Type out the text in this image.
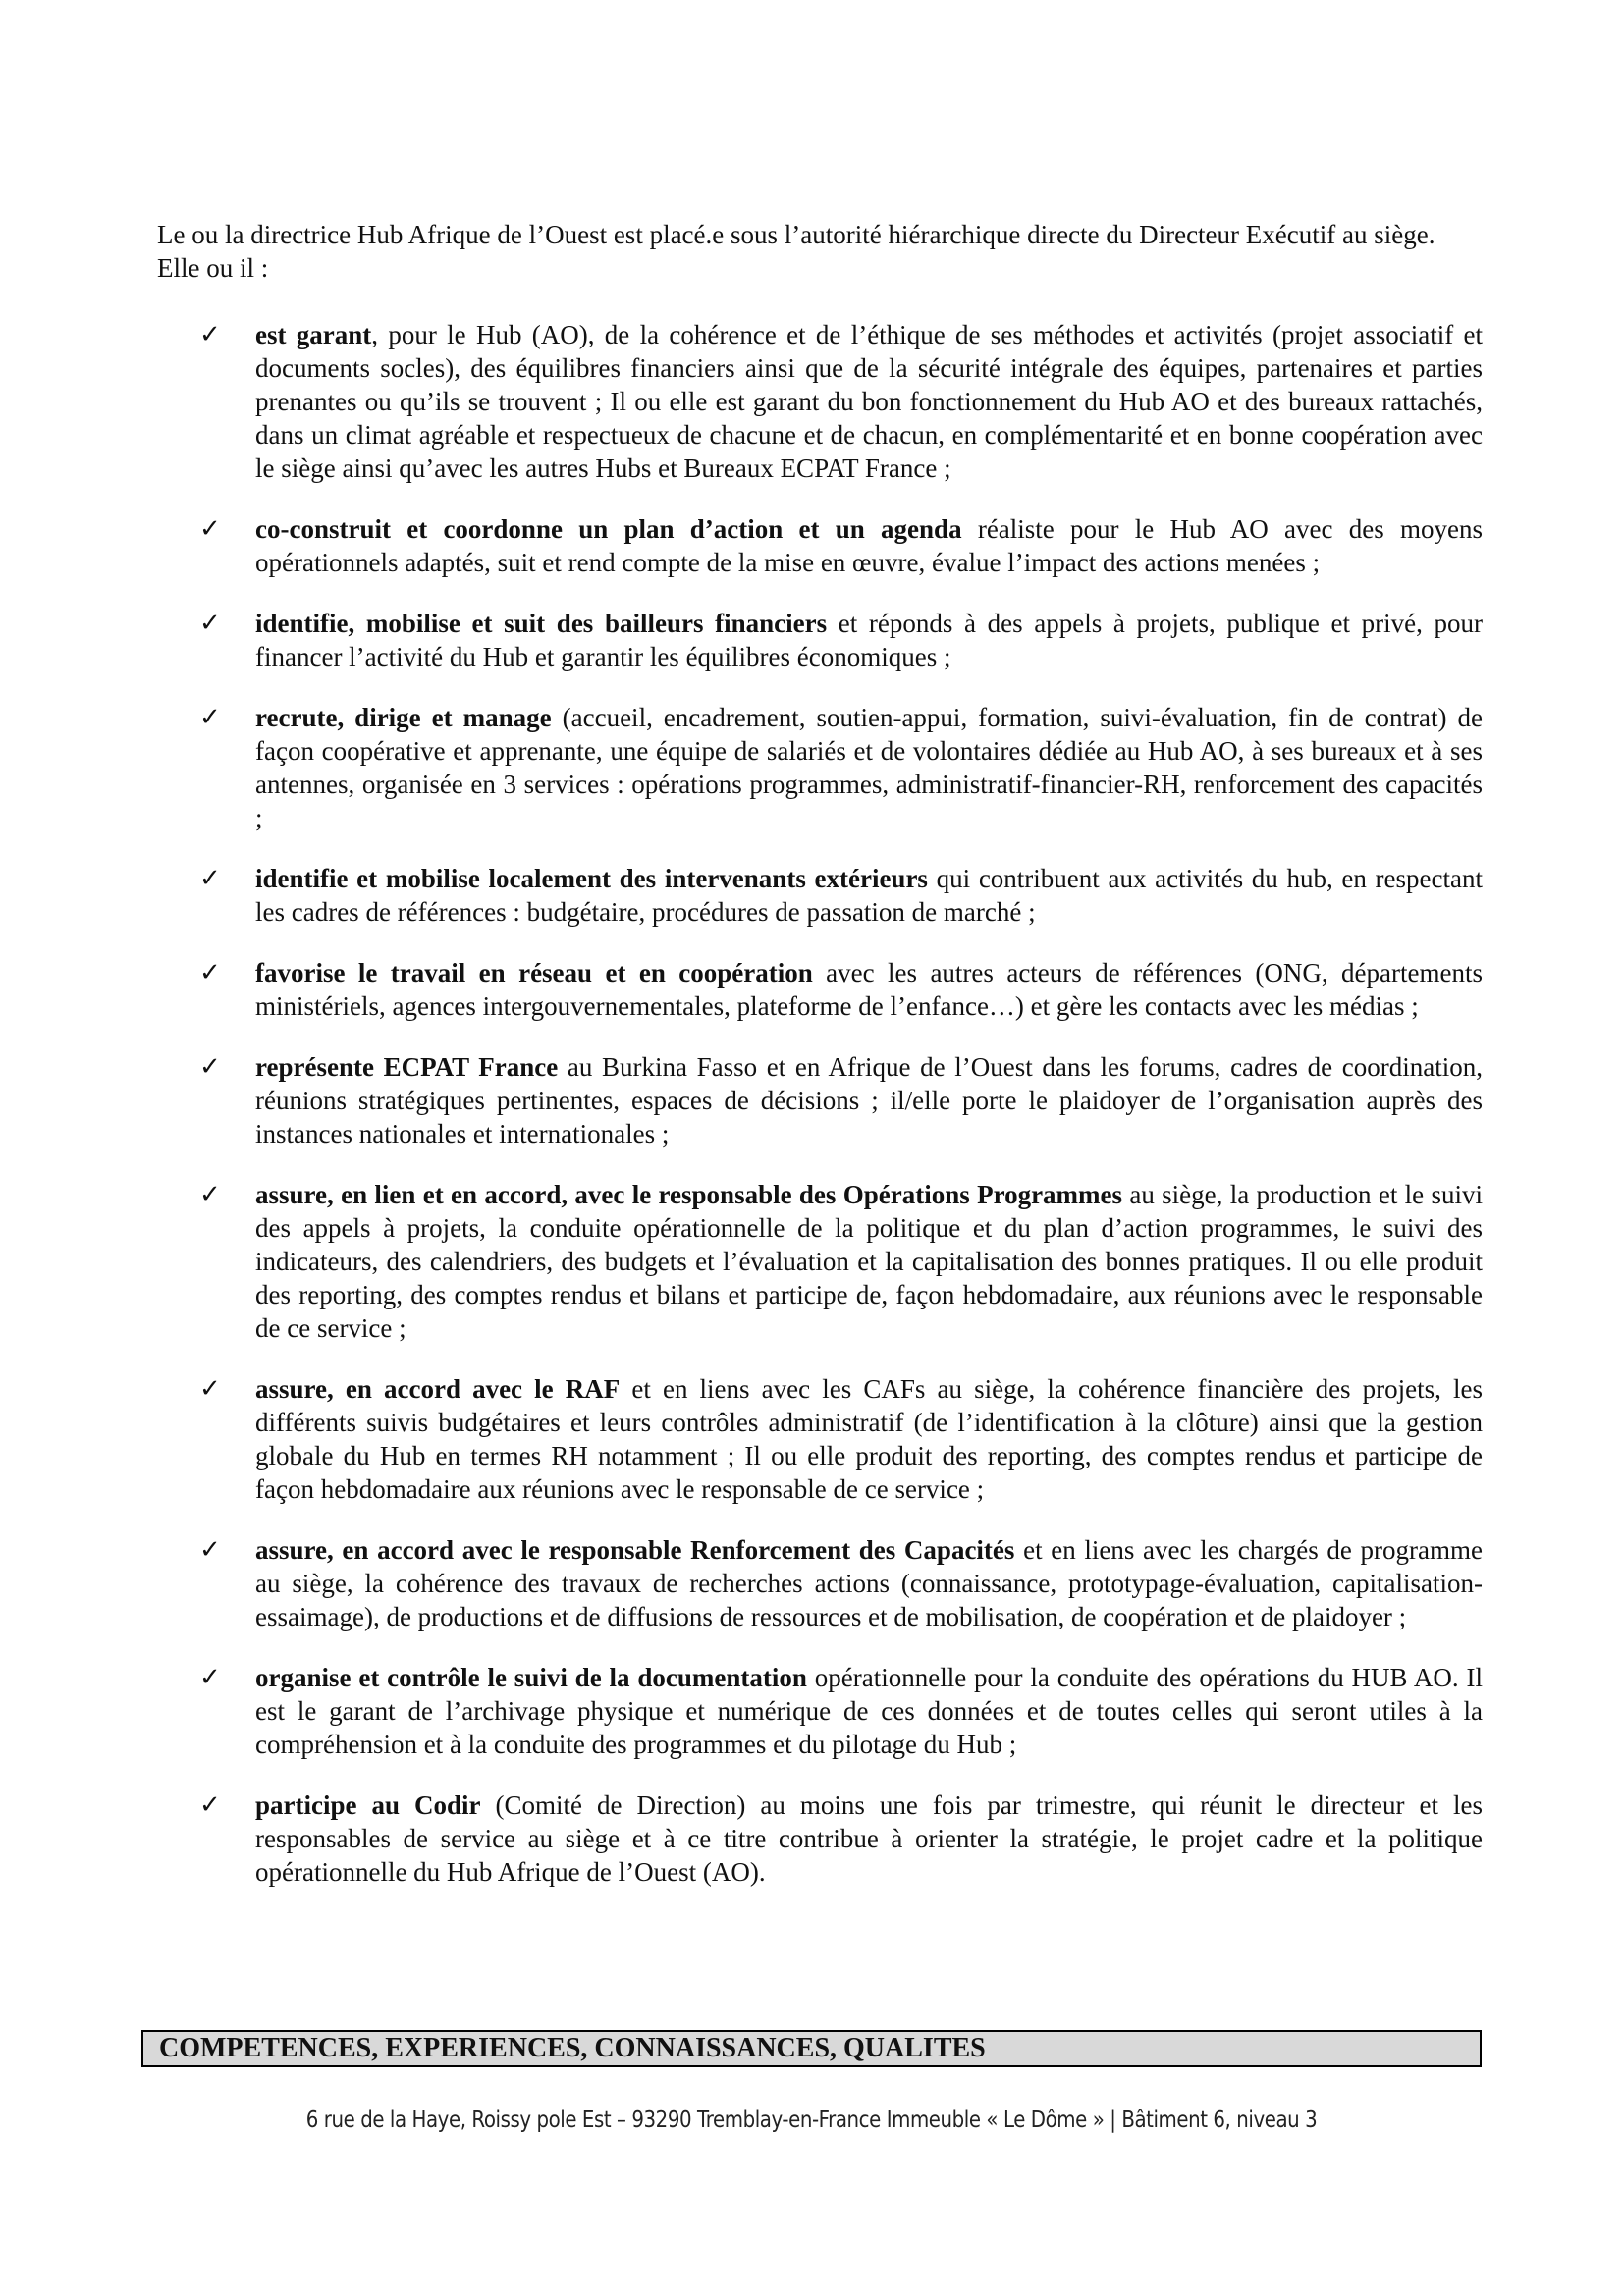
Le ou la directrice Hub Afrique de l’Ouest est placé.e sous l’autorité hiérarchique directe du Directeur Exécutif au siège. Elle ou il :

✓ est garant, pour le Hub (AO), de la cohérence et de l’éthique de ses méthodes et activités (projet associatif et documents socles), des équilibres financiers ainsi que de la sécurité intégrale des équipes, partenaires et parties prenantes ou qu’ils se trouvent ; Il ou elle est garant du bon fonctionnement du Hub AO et des bureaux rattachés, dans un climat agréable et respectueux de chacune et de chacun, en complémentarité et en bonne coopération avec le siège ainsi qu’avec les autres Hubs et Bureaux ECPAT France ;
✓ co-construit et coordonne un plan d’action et un agenda réaliste pour le Hub AO avec des moyens opérationnels adaptés, suit et rend compte de la mise en œuvre, évalue l’impact des actions menées ;
✓ identifie, mobilise et suit des bailleurs financiers et réponds à des appels à projets, publique et privé, pour financer l’activité du Hub et garantir les équilibres économiques ;
✓ recrute, dirige et manage (accueil, encadrement, soutien-appui, formation, suivi-évaluation, fin de contrat) de façon coopérative et apprenante, une équipe de salariés et de volontaires dédiée au Hub AO, à ses bureaux et à ses antennes, organisée en 3 services : opérations programmes, administratif-financier-RH, renforcement des capacités ;
✓ identifie et mobilise localement des intervenants extérieurs qui contribuent aux activités du hub, en respectant les cadres de références : budgétaire, procédures de passation de marché ;
✓ favorise le travail en réseau et en coopération avec les autres acteurs de références (ONG, départements ministériels, agences intergouvernementales, plateforme de l’enfance…) et gère les contacts avec les médias ;
✓ représente ECPAT France au Burkina Fasso et en Afrique de l’Ouest dans les forums, cadres de coordination, réunions stratégiques pertinentes, espaces de décisions ; il/elle porte le plaidoyer de l’organisation auprès des instances nationales et internationales ;
✓ assure, en lien et en accord, avec le responsable des Opérations Programmes au siège, la production et le suivi des appels à projets, la conduite opérationnelle de la politique et du plan d’action programmes, le suivi des indicateurs, des calendriers, des budgets et l’évaluation et la capitalisation des bonnes pratiques. Il ou elle produit des reporting, des comptes rendus et bilans et participe de, façon hebdomadaire, aux réunions avec le responsable de ce service ;
✓ assure, en accord avec le RAF et en liens avec les CAFs au siège, la cohérence financière des projets, les différents suivis budgétaires et leurs contrôles administratif (de l’identification à la clôture) ainsi que la gestion globale du Hub en termes RH notamment ; Il ou elle produit des reporting, des comptes rendus et participe de façon hebdomadaire aux réunions avec le responsable de ce service ;
✓ assure, en accord avec le responsable Renforcement des Capacités et en liens avec les chargés de programme au siège, la cohérence des travaux de recherches actions (connaissance, prototypage-évaluation, capitalisation-essaimage), de productions et de diffusions de ressources et de mobilisation, de coopération et de plaidoyer ;
✓ organise et contrôle le suivi de la documentation opérationnelle pour la conduite des opérations du HUB AO. Il est le garant de l’archivage physique et numérique de ces données et de toutes celles qui seront utiles à la compréhension et à la conduite des programmes et du pilotage du Hub ;
✓ participe au Codir (Comité de Direction) au moins une fois par trimestre, qui réunit le directeur et les responsables de service au siège et à ce titre contribue à orienter la stratégie, le projet cadre et la politique opérationnelle du Hub Afrique de l’Ouest (AO).
COMPETENCES, EXPERIENCES, CONNAISSANCES, QUALITES
6 rue de la Haye, Roissy pole Est – 93290 Tremblay-en-France Immeuble « Le Dôme » | Bâtiment 6, niveau 3
